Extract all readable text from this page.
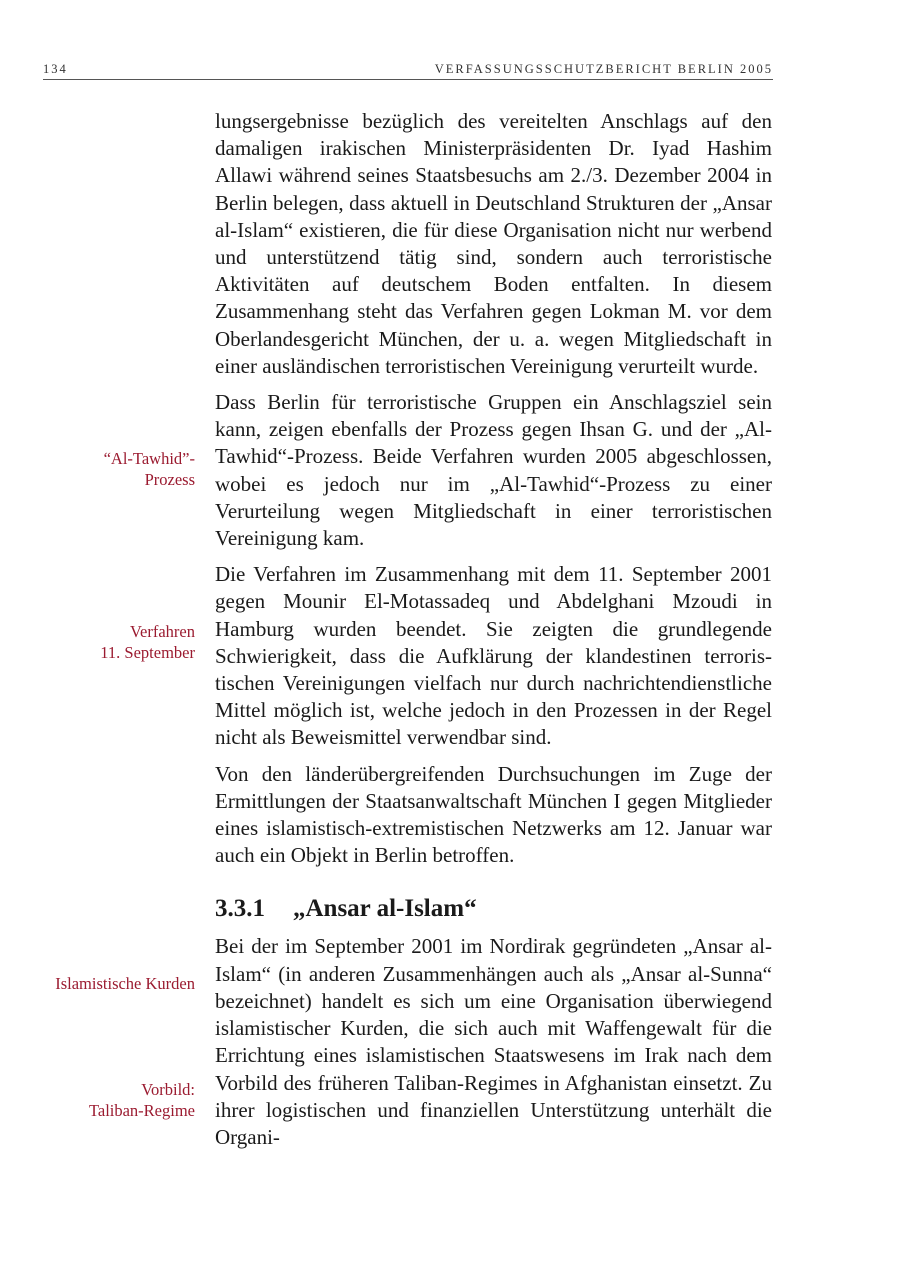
134	VERFASSUNGSSCHUTZBERICHT BERLIN 2005
“Al-Tawhid”-
Prozess
Verfahren
11. September
Islamistische Kurden
Vorbild:
Taliban-Regime

lungsergebnisse bezüglich des vereitelten Anschlags auf den damaligen irakischen Ministerpräsidenten Dr. Iyad Hashim Allawi während seines Staatsbesuchs am 2./3. Dezember 2004 in Berlin belegen, dass aktuell in Deutschland Strukturen der „Ansar al-Islam“ existieren, die für diese Organisation nicht nur werbend und unterstützend tätig sind, sondern auch terroristische Aktivitäten auf deutschem Boden entfalten. In diesem Zusammenhang steht das Verfahren gegen Lokman M. vor dem Oberlandesgericht München, der u. a. wegen Mitgliedschaft in einer ausländischen terroristischen Vereinigung verurteilt wurde.

Dass Berlin für terroristische Gruppen ein Anschlagsziel sein kann, zeigen ebenfalls der Prozess gegen Ihsan G. und der „Al-Tawhid“-Prozess. Beide Verfahren wurden 2005 abgeschlossen, wobei es jedoch nur im „Al-Tawhid“-Prozess zu einer Verurteilung wegen Mitgliedschaft in einer terroristischen Vereinigung kam.

Die Verfahren im Zusammenhang mit dem 11. September 2001 gegen Mounir El-Motassadeq und Abdelghani Mzoudi in Hamburg wurden beendet. Sie zeigten die grundlegende Schwierigkeit, dass die Aufklärung der klandestinen terroristischen Vereinigungen vielfach nur durch nachrichtendienstliche Mittel möglich ist, welche jedoch in den Prozessen in der Regel nicht als Beweismittel verwendbar sind.

Von den länderübergreifenden Durchsuchungen im Zuge der Ermittlungen der Staatsanwaltschaft München I gegen Mitglieder eines islamistisch-extremistischen Netzwerks am 12. Januar war auch ein Objekt in Berlin betroffen.

3.3.1 „Ansar al-Islam“

Bei der im September 2001 im Nordirak gegründeten „Ansar al-Islam“ (in anderen Zusammenhängen auch als „Ansar al-Sunna“ bezeichnet) handelt es sich um eine Organisation überwiegend islamistischer Kurden, die sich auch mit Waffengewalt für die Errichtung eines islamistischen Staatswesens im Irak nach dem Vorbild des früheren Taliban-Regimes in Afghanistan einsetzt. Zu ihrer logistischen und finanziellen Unterstützung unterhält die Organi-
